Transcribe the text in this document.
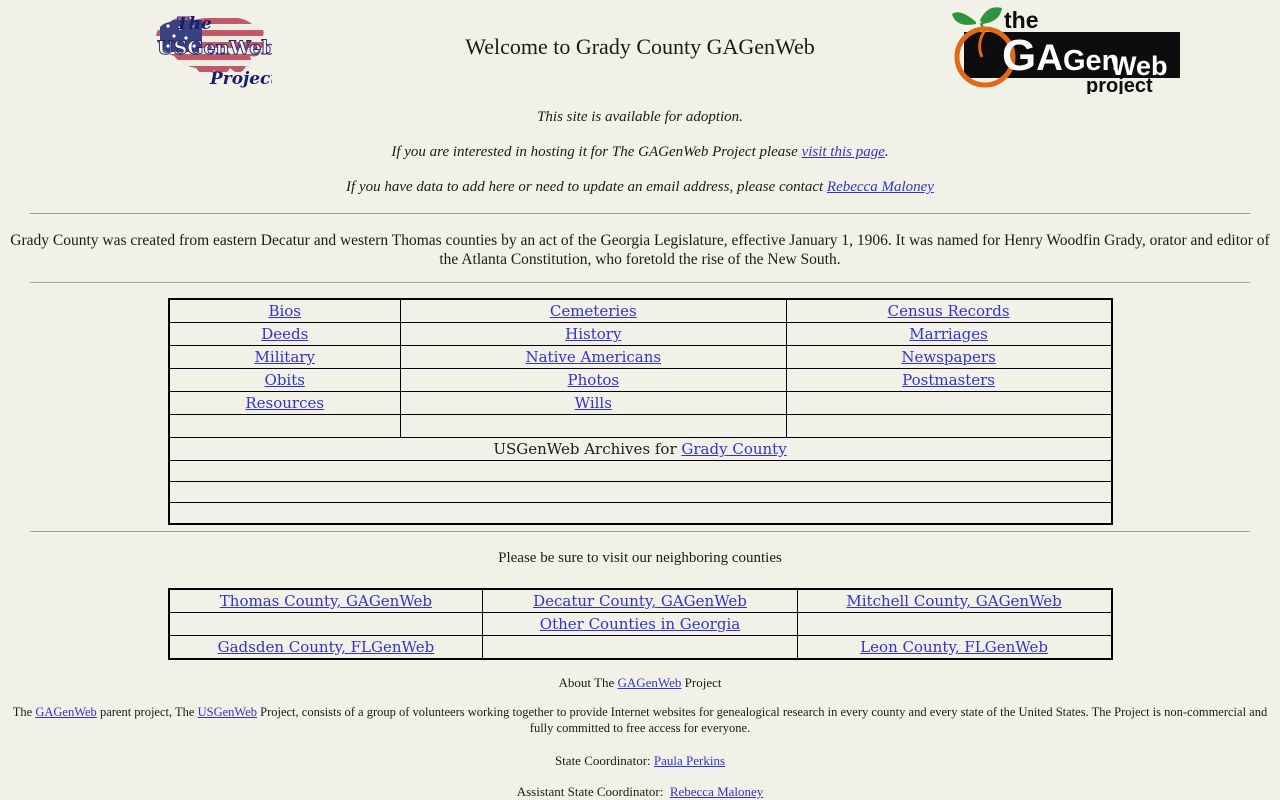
The
USGenWeb
Project
Welcome to Grady County GAGenWeb
the
GAGen
Web
project

This site is available for adoption.

If you are interested in hosting it for The GAGenWeb Project please visit this page.

If you have data to add here or need to update an email address, please contact Rebecca Maloney

Grady County was created from eastern Decatur and western Thomas counties by an act of the Georgia Legislature, effective January 1, 1906. It was named for Henry Woodfin Grady, orator and editor of the Atlanta Constitution, who foretold the rise of the New South.

Bios	Cemeteries	Census Records
Deeds	History	Marriages
Military	Native Americans	Newspapers
Obits	Photos	Postmasters
Resources	Wills	

USGenWeb Archives for Grady County		

Please be sure to visit our neighboring counties

Thomas County, GAGenWeb	Decatur County, GAGenWeb	Mitchell County, GAGenWeb
	Other Counties in Georgia	
Gadsden County, FLGenWeb		Leon County, FLGenWeb

About The GAGenWeb Project

The GAGenWeb parent project, The USGenWeb Project, consists of a group of volunteers working together to provide Internet websites for genealogical research in every county and every state of the United States. The Project is non-commercial and fully committed to free access for everyone.

State Coordinator: Paula Perkins

Assistant State Coordinator:  Rebecca Maloney
